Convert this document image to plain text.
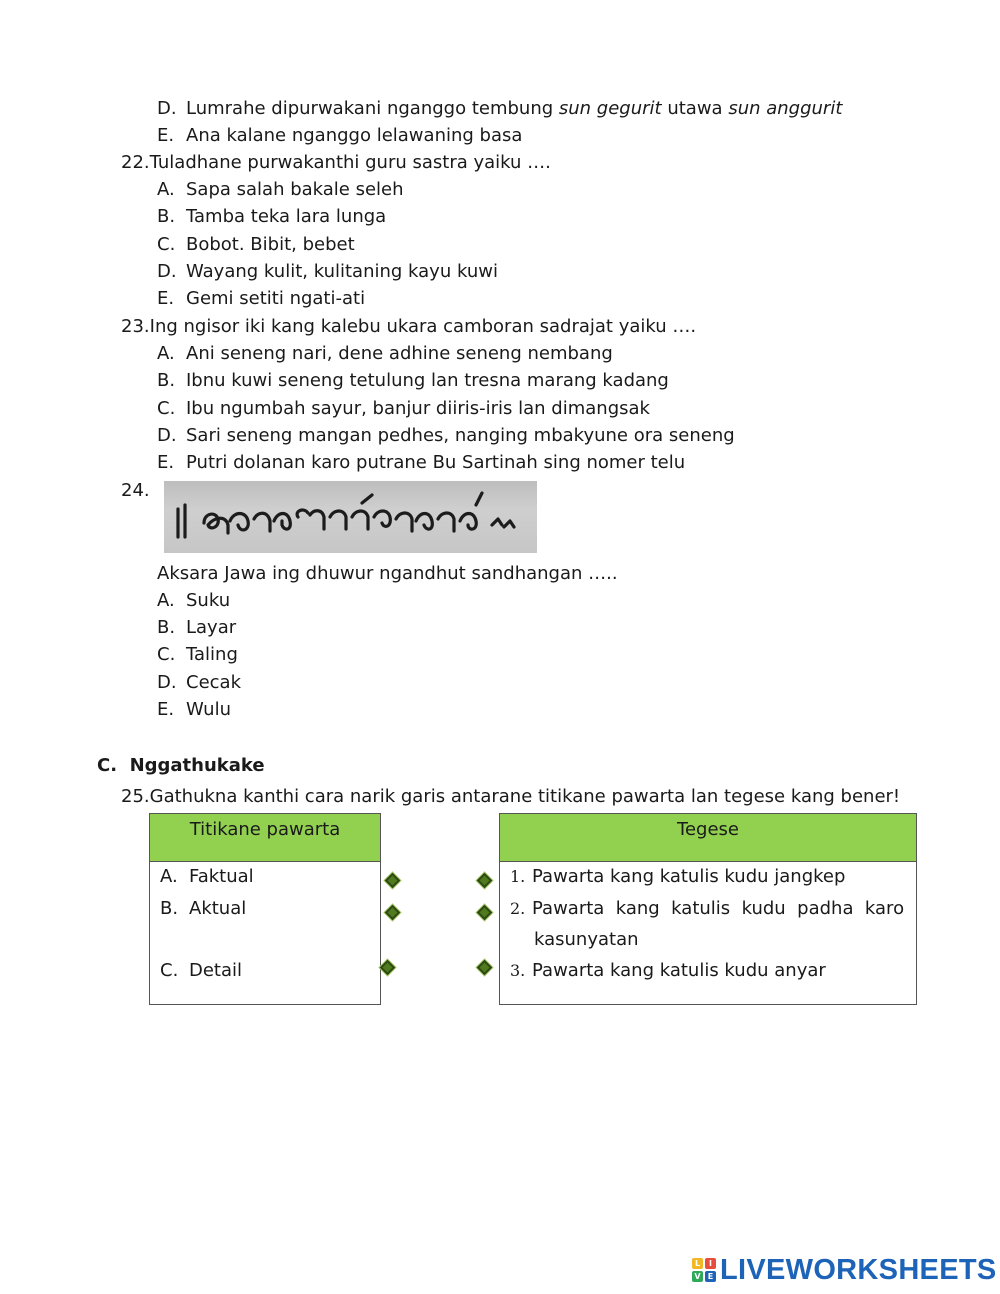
D. Lumrahe dipurwakani nganggo tembung sun gegurit utawa sun anggurit
E. Ana kalane nganggo lelawaning basa
22.Tuladhane purwakanthi guru sastra yaiku ….
A. Sapa salah bakale seleh
B. Tamba teka lara lunga
C. Bobot. Bibit, bebet
D. Wayang kulit, kulitaning kayu kuwi
E. Gemi setiti ngati-ati
23.Ing ngisor iki kang kalebu ukara camboran sadrajat yaiku ….
A. Ani seneng nari, dene adhine seneng nembang
B. Ibnu kuwi seneng tetulung lan tresna marang kadang
C. Ibu ngumbah sayur, banjur diiris-iris lan dimangsak
D. Sari seneng mangan pedhes, nanging mbakyune ora seneng
E. Putri dolanan karo putrane Bu Sartinah sing nomer telu
24.
Aksara Jawa ing dhuwur ngandhut sandhangan …..
A. Suku
B. Layar
C. Taling
D. Cecak
E. Wulu
C.  Nggathukake
25.Gathukna kanthi cara narik garis antarane titikane pawarta lan tegese kang bener!
Titikane pawarta
A. Faktual
B. Aktual
C. Detail
Tegese
1. Pawarta kang katulis kudu jangkep
2. Pawarta  kang  katulis  kudu  padha  karo
kasunyatan
3. Pawarta kang katulis kudu anyar
L	I
V E LIVEWORKSHEETS
